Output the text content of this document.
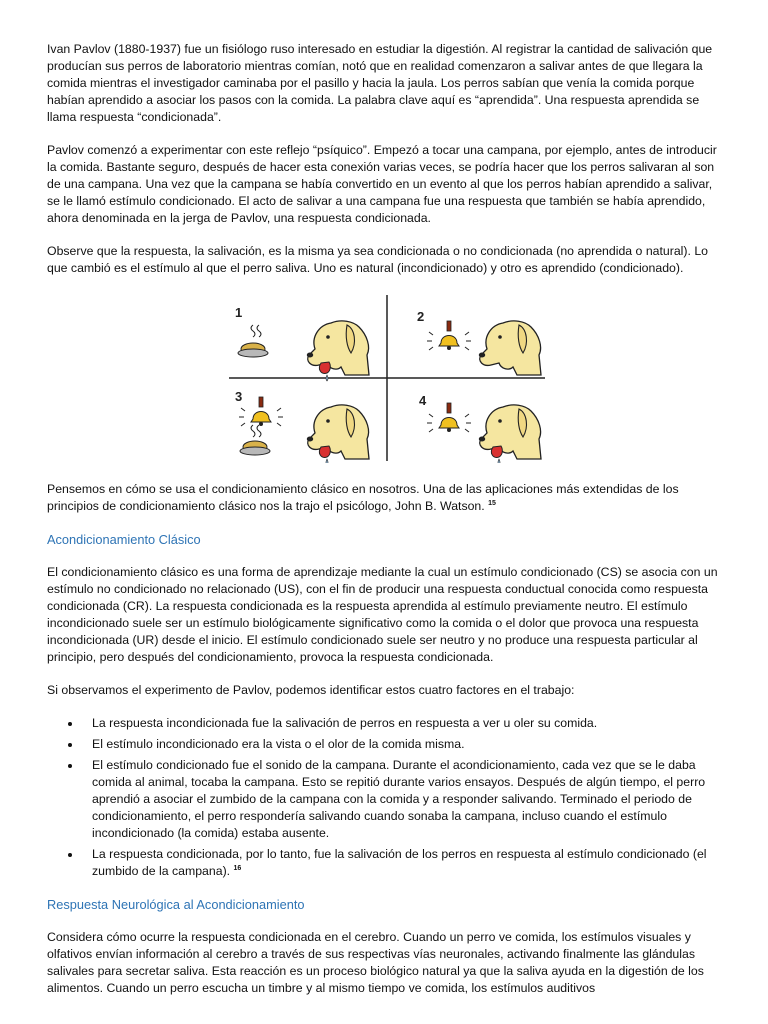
Ivan Pavlov (1880-1937) fue un fisiólogo ruso interesado en estudiar la digestión. Al registrar la cantidad de salivación que producían sus perros de laboratorio mientras comían, notó que en realidad comenzaron a salivar antes de que llegara la comida mientras el investigador caminaba por el pasillo y hacia la jaula. Los perros sabían que venía la comida porque habían aprendido a asociar los pasos con la comida. La palabra clave aquí es “aprendida”. Una respuesta aprendida se llama respuesta “condicionada”.

Pavlov comenzó a experimentar con este reflejo “psíquico”. Empezó a tocar una campana, por ejemplo, antes de introducir la comida. Bastante seguro, después de hacer esta conexión varias veces, se podría hacer que los perros salivaran al son de una campana. Una vez que la campana se había convertido en un evento al que los perros habían aprendido a salivar, se le llamó estímulo condicionado. El acto de salivar a una campana fue una respuesta que también se había aprendido, ahora denominada en la jerga de Pavlov, una respuesta condicionada.

Observe que la respuesta, la salivación, es la misma ya sea condicionada o no condicionada (no aprendida o natural). Lo que cambió es el estímulo al que el perro saliva. Uno es natural (incondicionado) y otro es aprendido (condicionado).

1	2
3	4

Pensemos en cómo se usa el condicionamiento clásico en nosotros. Una de las aplicaciones más extendidas de los principios de condicionamiento clásico nos la trajo el psicólogo, John B. Watson. $^{15}$

Acondicionamiento Clásico

El condicionamiento clásico es una forma de aprendizaje mediante la cual un estímulo condicionado (CS) se asocia con un estímulo no condicionado no relacionado (US), con el fin de producir una respuesta conductual conocida como respuesta condicionada (CR). La respuesta condicionada es la respuesta aprendida al estímulo previamente neutro. El estímulo incondicionado suele ser un estímulo biológicamente significativo como la comida o el dolor que provoca una respuesta incondicionada (UR) desde el inicio. El estímulo condicionado suele ser neutro y no produce una respuesta particular al principio, pero después del condicionamiento, provoca la respuesta condicionada.

Si observamos el experimento de Pavlov, podemos identificar estos cuatro factores en el trabajo:

La respuesta incondicionada fue la salivación de perros en respuesta a ver u oler su comida.
El estímulo incondicionado era la vista o el olor de la comida misma.
El estímulo condicionado fue el sonido de la campana. Durante el acondicionamiento, cada vez que se le daba comida al animal, tocaba la campana. Esto se repitió durante varios ensayos. Después de algún tiempo, el perro aprendió a asociar el zumbido de la campana con la comida y a responder salivando. Terminado el periodo de condicionamiento, el perro respondería salivando cuando sonaba la campana, incluso cuando el estímulo incondicionado (la comida) estaba ausente.
La respuesta condicionada, por lo tanto, fue la salivación de los perros en respuesta al estímulo condicionado (el zumbido de la campana). $^{16}$
Respuesta Neurológica al Acondicionamiento

Considera cómo ocurre la respuesta condicionada en el cerebro. Cuando un perro ve comida, los estímulos visuales y olfativos envían información al cerebro a través de sus respectivas vías neuronales, activando finalmente las glándulas salivales para secretar saliva. Esta reacción es un proceso biológico natural ya que la saliva ayuda en la digestión de los alimentos. Cuando un perro escucha un timbre y al mismo tiempo ve comida, los estímulos auditivos
